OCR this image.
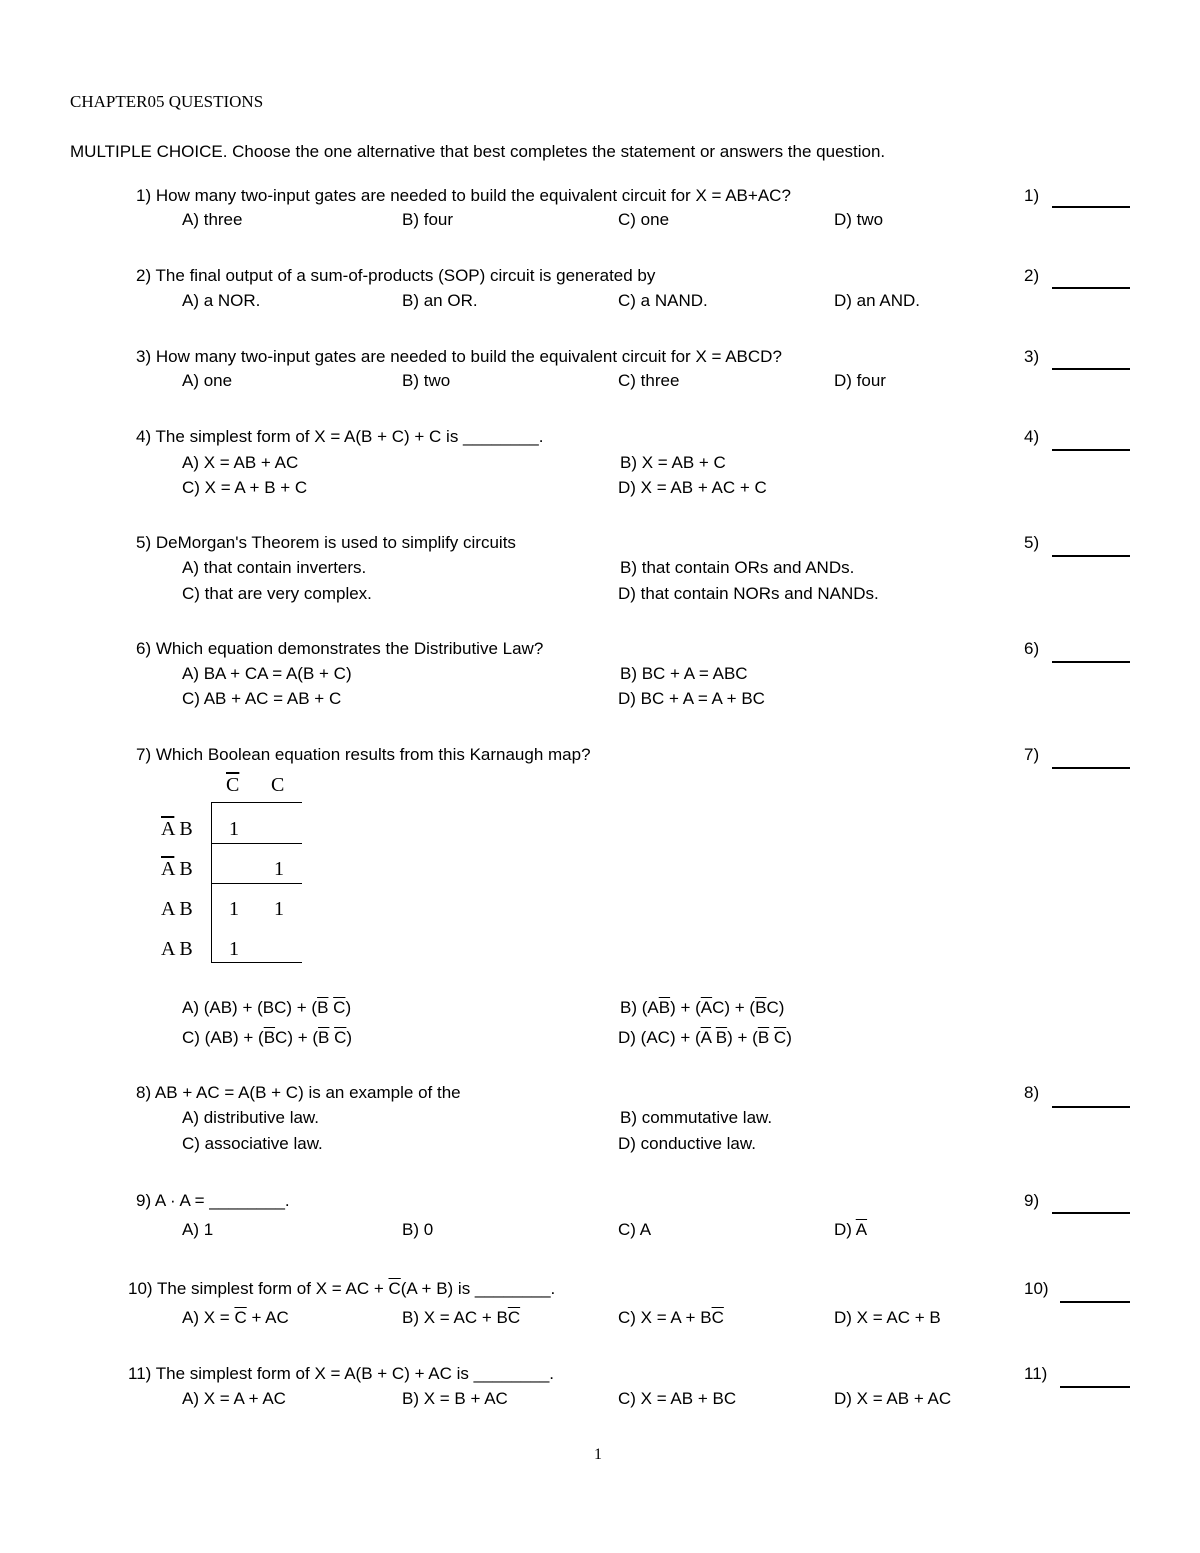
CHAPTER05 QUESTIONS
MULTIPLE CHOICE. Choose the one alternative that best completes the statement or answers the question.
1) How many two-input gates are needed to build the equivalent circuit for X = AB+AC?
A) three	B) four	C) one	D) two
1)
2) The final output of a sum-of-products (SOP) circuit is generated by
A) a NOR.	B) an OR.	C) a NAND.	D) an AND.
2)
3) How many two-input gates are needed to build the equivalent circuit for X = ABCD?
A) one	B) two	C) three	D) four
3)
4) The simplest form of X = A(B + C) + C is ________.
A) X = AB + AC	B) X = AB + C
C) X = A + B + C	D) X = AB + AC + C
4)
5) DeMorgan's Theorem is used to simplify circuits
A) that contain inverters.	B) that contain ORs and ANDs.
C) that are very complex.	D) that contain NORs and NANDs.
5)
6) Which equation demonstrates the Distributive Law?
A) BA + CA = A(B + C)	B) BC + A = ABC
C) AB + AC = AB + C	D) BC + A = A + BC
6)
7) Which Boolean equation results from this Karnaugh map?	7)
$\overline{C}$ C
$\overline{A}$ B 1
$\overline{A}$ B	1
A B 1 1
A B 1
A) $(AB) + (BC) + (\overline{B}$ $\overline{C}$)	B) $(A\overline{B}) + (\overline{A}C) + (\overline{B}C)$
C) $(AB) + (\overline{B}C) + (\overline{B}$ $\overline{C}$)	D) $(AC) + (\overline{A}$ $\overline{B}) + (\overline{B}$ $\overline{C}$)
8) AB + AC = A(B + C) is an example of the
A) distributive law.	B) commutative law.
C) associative law.	D) conductive law.
8)
9) A · A = ________.
A) 1	B) 0	C) A	D) $\overline{A}$
9)
10) The simplest form of X = AC + $\overline{C}(A + B)$ is ________.
A) $X = \overline{C}$ + AC	B) X = AC + $B\overline{C}$	C) $X = A + B\overline{C}$	D) X = AC + B
10)
11) The simplest form of X = A(B + C) + AC is ________.
A) X = A + AC	B) X = B + AC	C) X = AB + BC	D) X = AB + AC
11)
1
